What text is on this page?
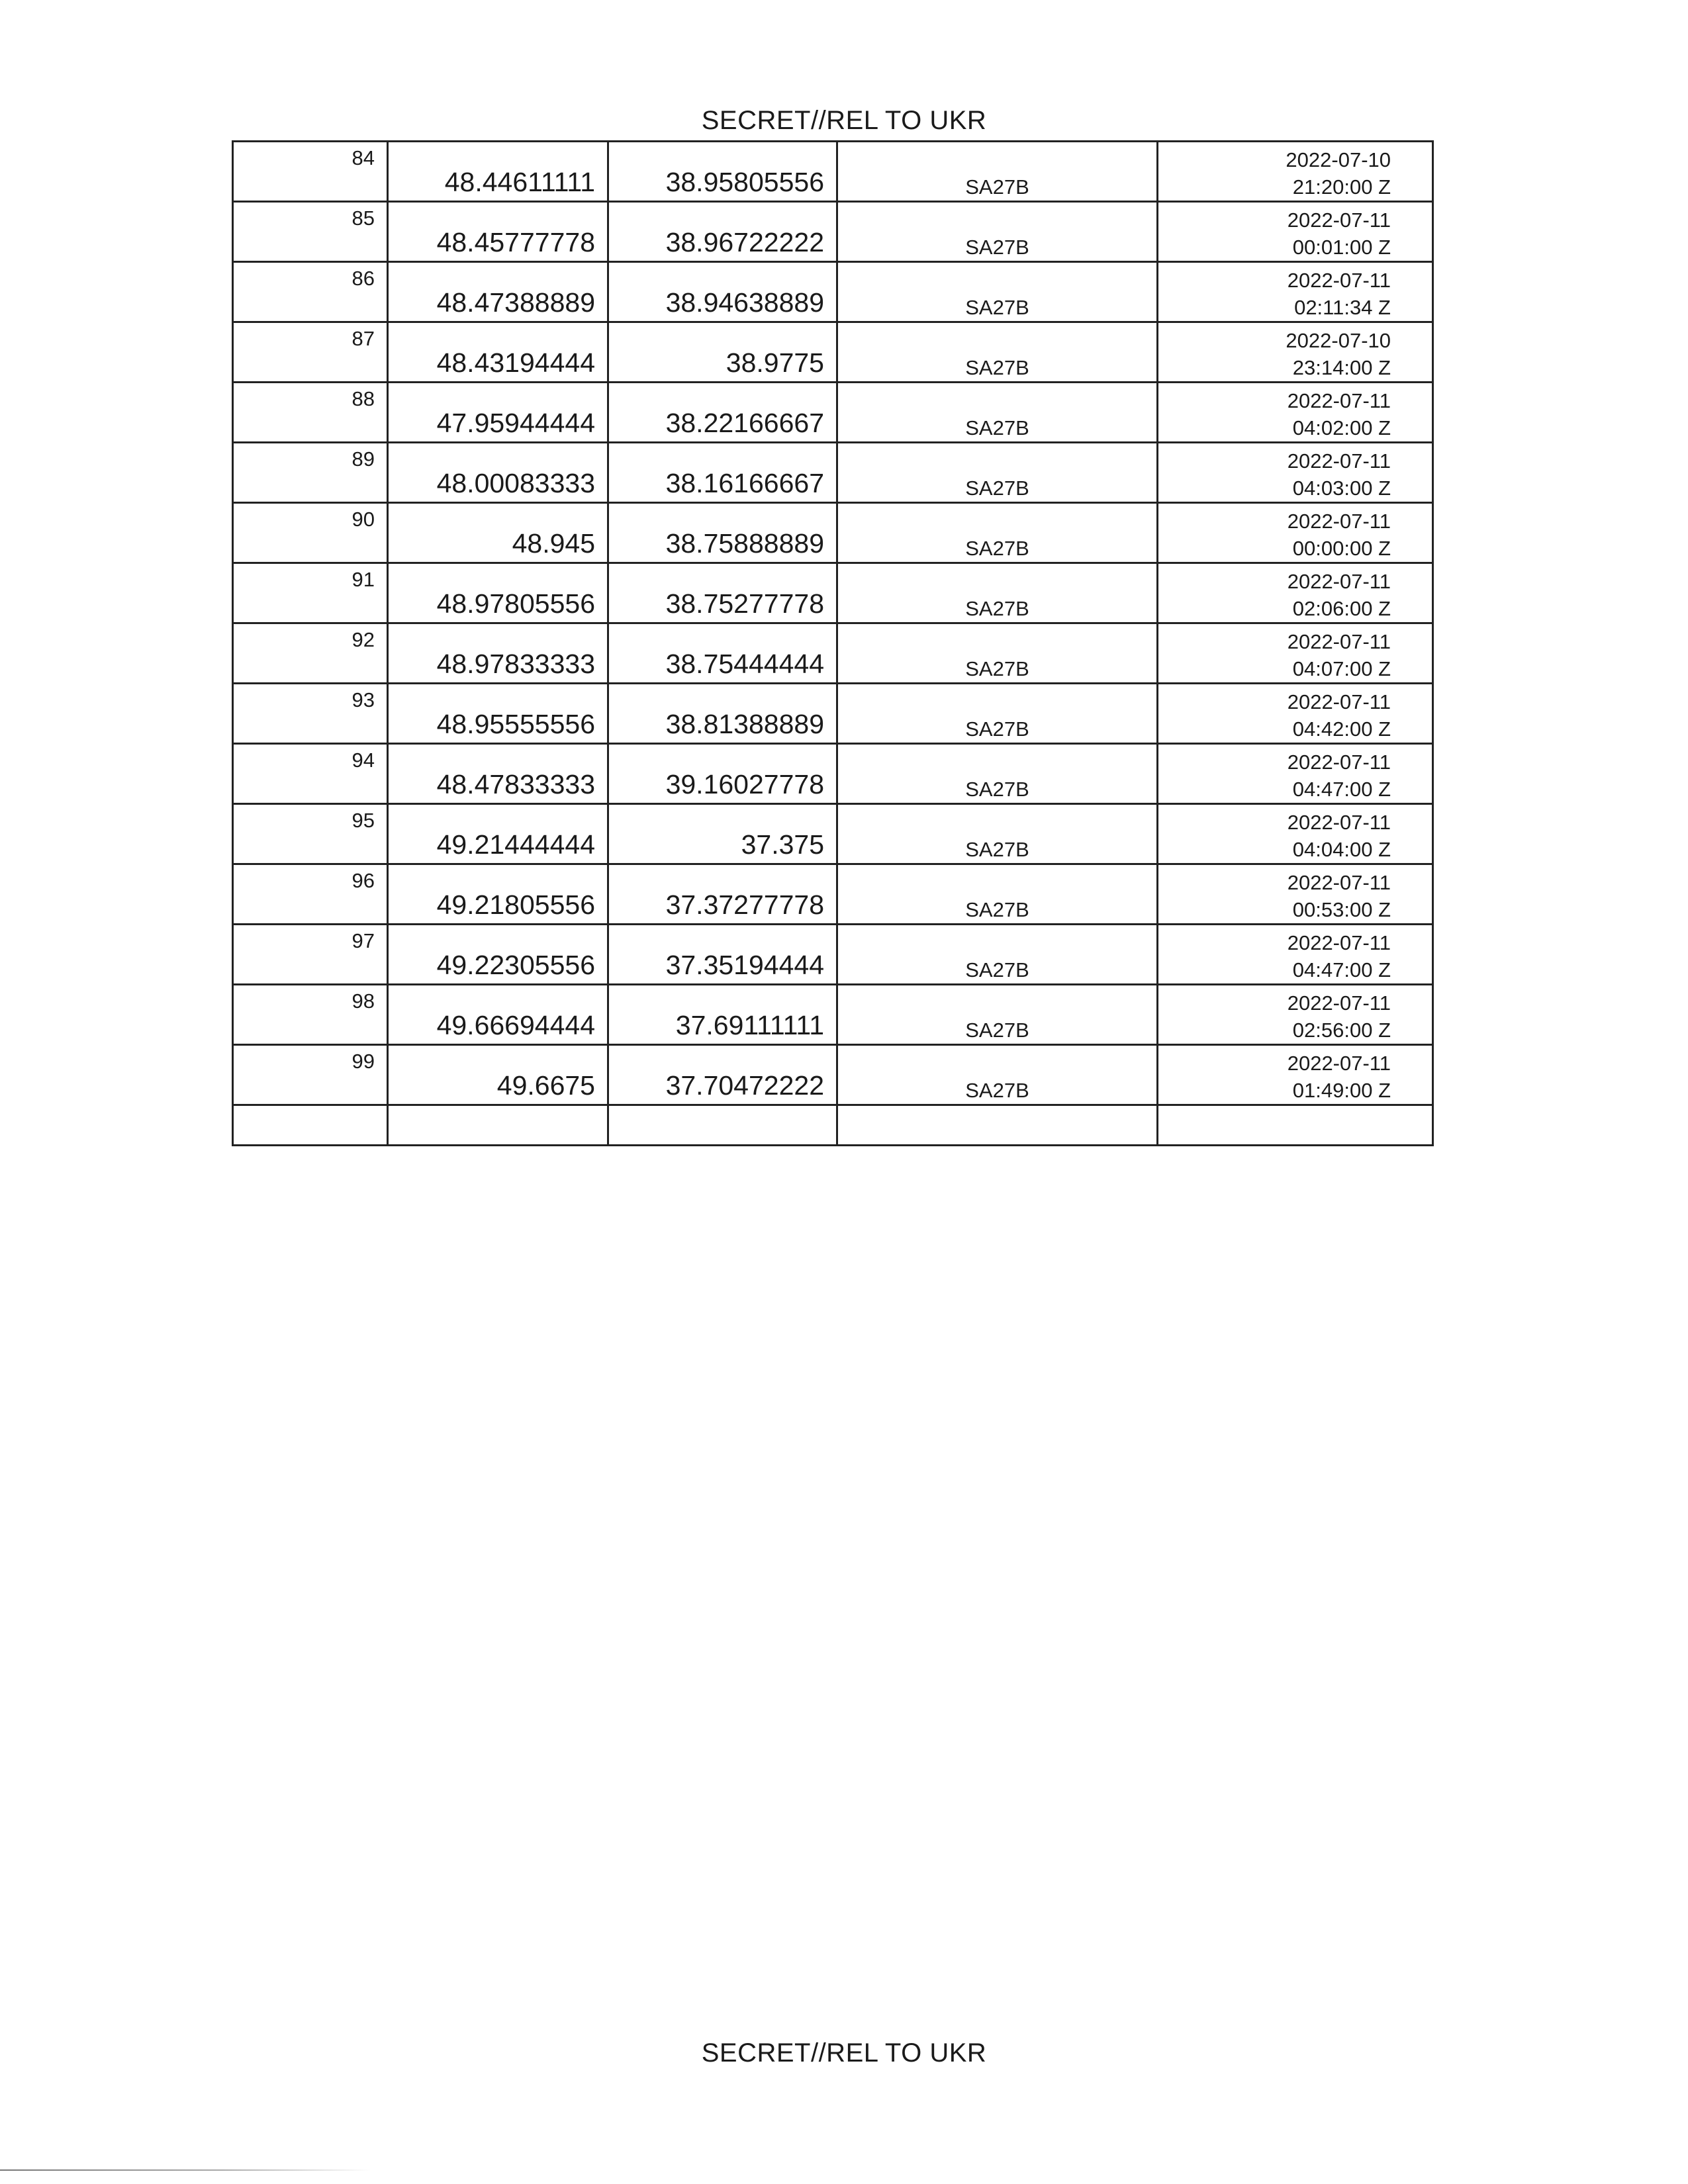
SECRET//REL TO UKR
84	48.44611111	38.95805556	SA27B	2022-07-10
21:20:00 Z

85	48.45777778	38.96722222	SA27B	2022-07-11
00:01:00 Z

86	48.47388889	38.94638889	SA27B	2022-07-11
02:11:34 Z

87	48.43194444	38.9775	SA27B	2022-07-10
23:14:00 Z

88	47.95944444	38.22166667	SA27B	2022-07-11
04:02:00 Z

89	48.00083333	38.16166667	SA27B	2022-07-11
04:03:00 Z

90	48.945	38.75888889	SA27B	2022-07-11
00:00:00 Z

91	48.97805556	38.75277778	SA27B	2022-07-11
02:06:00 Z

92	48.97833333	38.75444444	SA27B	2022-07-11
04:07:00 Z

93	48.95555556	38.81388889	SA27B	2022-07-11
04:42:00 Z

94	48.47833333	39.16027778	SA27B	2022-07-11
04:47:00 Z

95	49.21444444	37.375	SA27B	2022-07-11
04:04:00 Z

96	49.21805556	37.37277778	SA27B	2022-07-11
00:53:00 Z

97	49.22305556	37.35194444	SA27B	2022-07-11
04:47:00 Z

98	49.66694444	37.69111111	SA27B	2022-07-11
02:56:00 Z

99	49.6675	37.70472222	SA27B	2022-07-11
01:49:00 Z

SECRET//REL TO UKR
